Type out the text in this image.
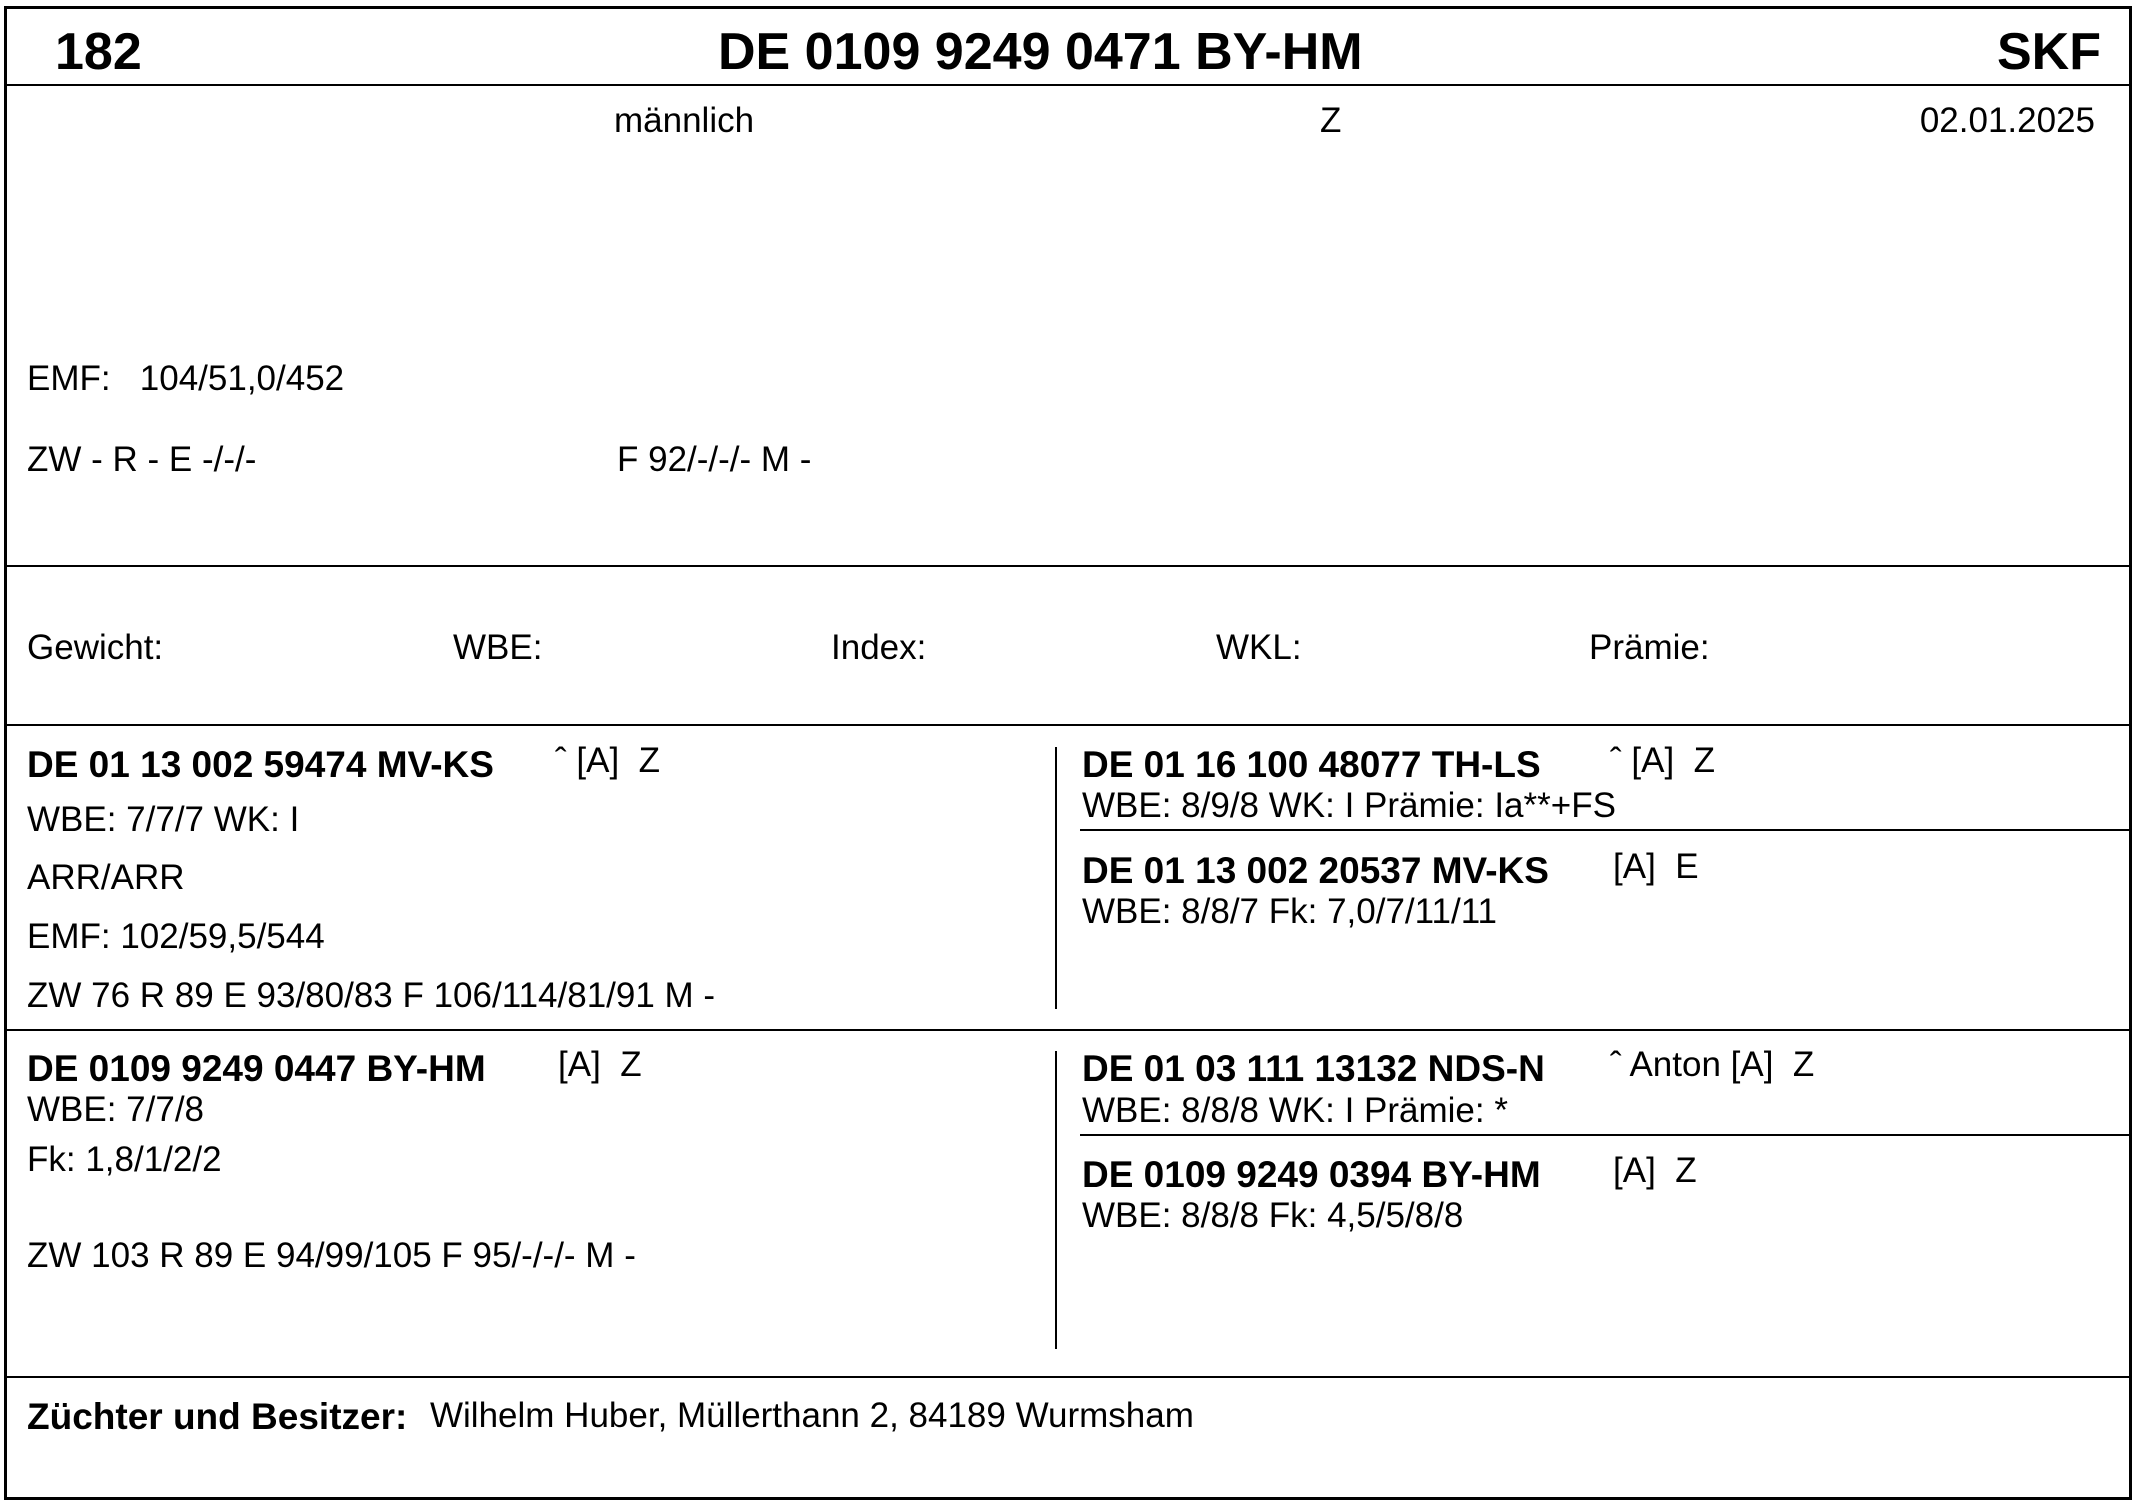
182	DE 0109 9249 0471 BY-HM	SKF
männlich	Z	02.01.2025
EMF:   104/51,0/452
ZW - R - E -/-/-	F 92/-/-/- M -
Gewicht:	WBE:	Index:	WKL:	Prämie:
DE 01 13 002 59474 MV-KS ˆ [A]  Z
WBE: 7/7/7 WK: I
ARR/ARR
EMF: 102/59,5/544
ZW 76 R 89 E 93/80/83 F 106/114/81/91 M -
DE 01 16 100 48077 TH-LS ˆ [A]  Z
WBE: 8/9/8 WK: I Prämie: Ia**+FS
DE 01 13 002 20537 MV-KS [A]  E
WBE: 8/8/7 Fk: 7,0/7/11/11
DE 0109 9249 0447 BY-HM [A]  Z
WBE: 7/7/8
Fk: 1,8/1/2/2
ZW 103 R 89 E 94/99/105 F 95/-/-/- M -
DE 01 03 111 13132 NDS-N ˆ Anton [A]  Z
WBE: 8/8/8 WK: I Prämie: *
DE 0109 9249 0394 BY-HM [A]  Z
WBE: 8/8/8 Fk: 4,5/5/8/8
Züchter und Besitzer: Wilhelm Huber, Müllerthann 2, 84189 Wurmsham
